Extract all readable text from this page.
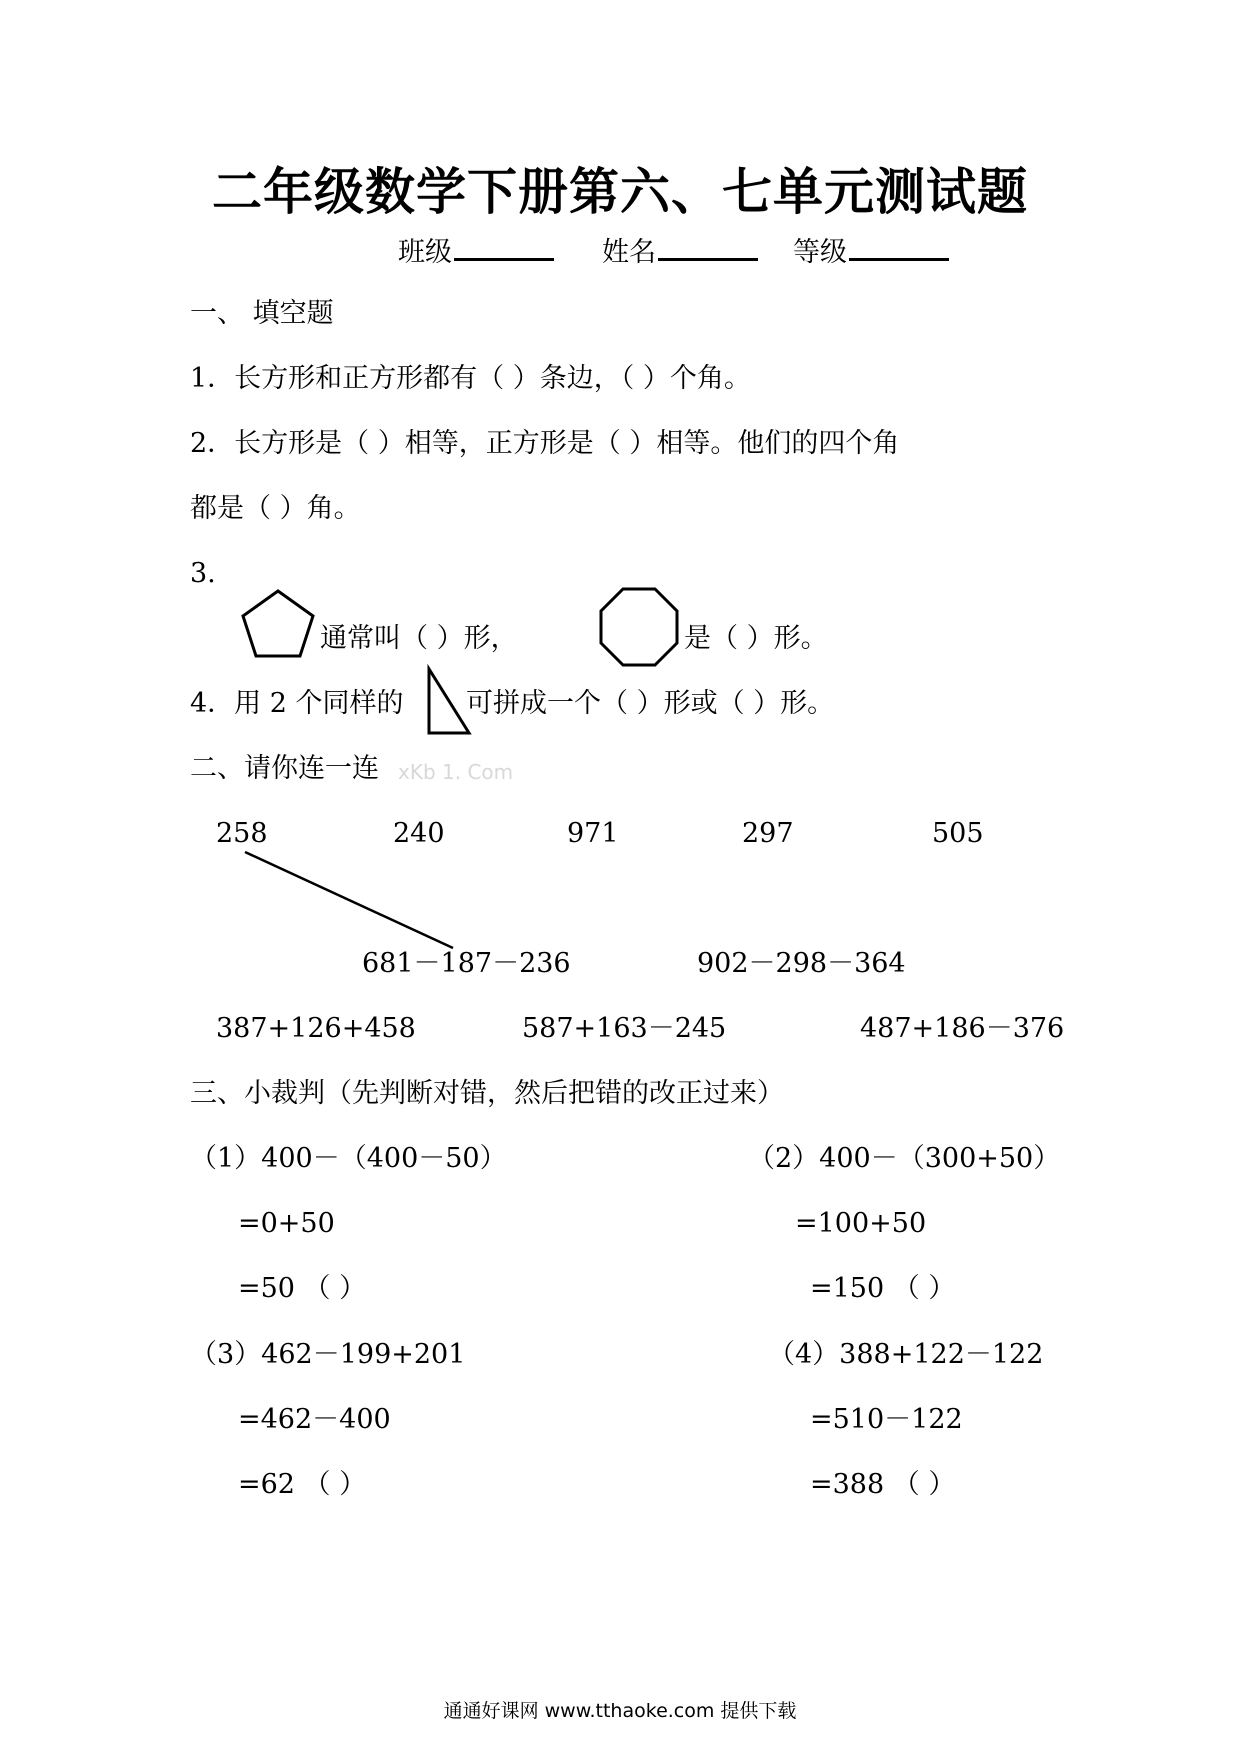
二年级数学下册第六、七单元测试题
班级	姓名	等级
一、 填空题
1．长方形和正方形都有（ ）条边，（ ）个角。
2．长方形是（ ）相等，正方形是（ ）相等。他们的四个角
都是（ ）角。
3.
通常叫（ ）形，	是（ ）形。
4．用 2 个同样的 可拼成一个（ ）形或（ ）形。
二、请你连一连 xKb 1. Com
258	240	971	297	505
681－187－236	902－298－364
387+126+458	587+163－245	487+186－376
三、小裁判（先判断对错，然后把错的改正过来）
（1）400－（400－50）
=0+50
=50 （ ）
（2）400－（300+50）
=100+50
=150 （ ）
（3）462－199+201
=462－400
=62 （ ）
（4）388+122－122
=510－122
=388 （ ）
通通好课网 www.tthaoke.com 提供下载
